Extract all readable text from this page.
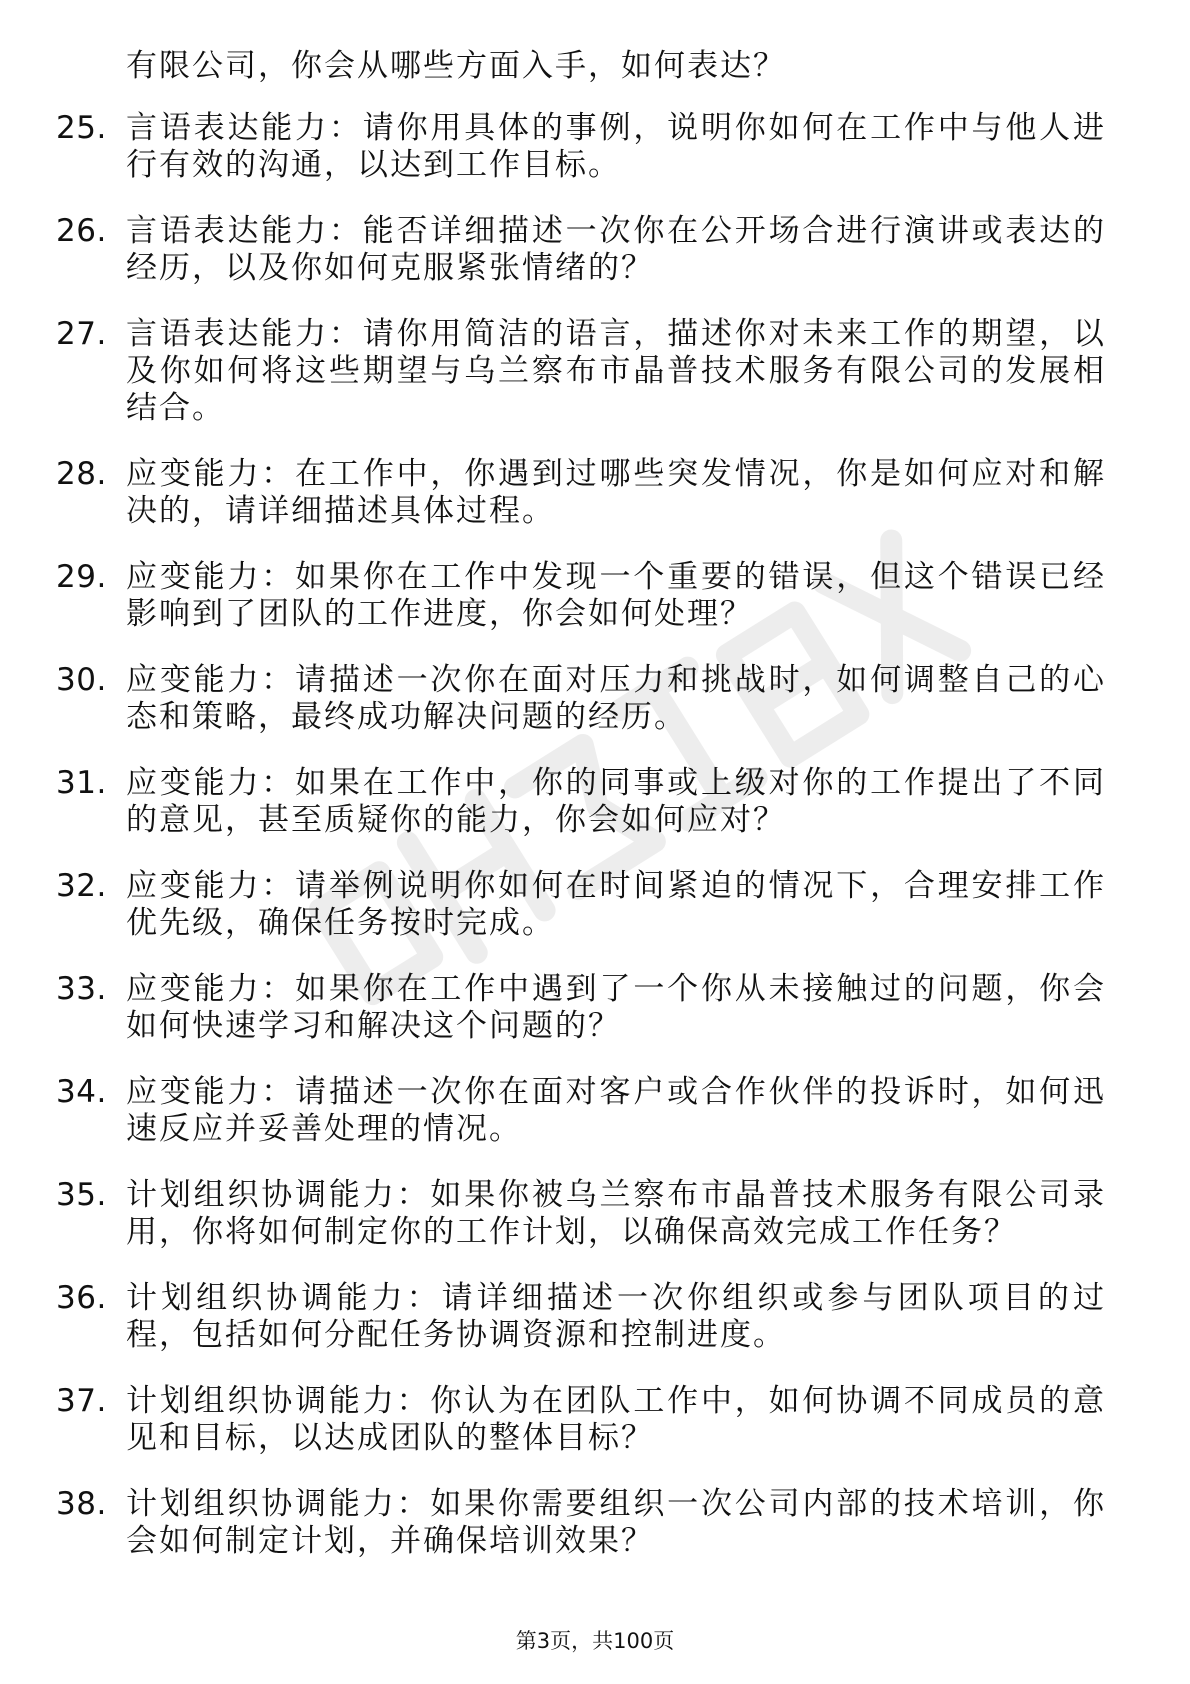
有限公司，你会从哪些方面入手，如何表达？
25. 言语表达能力：请你用具体的事例，说明你如何在工作中与他人进行有效的沟通，以达到工作目标。
26. 言语表达能力：能否详细描述一次你在公开场合进行演讲或表达的经历，以及你如何克服紧张情绪的？
27. 言语表达能力：请你用简洁的语言，描述你对未来工作的期望，以及你如何将这些期望与乌兰察布市晶普技术服务有限公司的发展相结合。
28. 应变能力：在工作中，你遇到过哪些突发情况，你是如何应对和解决的，请详细描述具体过程。
29. 应变能力：如果你在工作中发现一个重要的错误，但这个错误已经影响到了团队的工作进度，你会如何处理？
30. 应变能力：请描述一次你在面对压力和挑战时，如何调整自己的心态和策略，最终成功解决问题的经历。
31. 应变能力：如果在工作中，你的同事或上级对你的工作提出了不同的意见，甚至质疑你的能力，你会如何应对？
32. 应变能力：请举例说明你如何在时间紧迫的情况下，合理安排工作优先级，确保任务按时完成。
33. 应变能力：如果你在工作中遇到了一个你从未接触过的问题，你会如何快速学习和解决这个问题的？
34. 应变能力：请描述一次你在面对客户或合作伙伴的投诉时，如何迅速反应并妥善处理的情况。
35. 计划组织协调能力：如果你被乌兰察布市晶普技术服务有限公司录用，你将如何制定你的工作计划，以确保高效完成工作任务？
36. 计划组织协调能力：请详细描述一次你组织或参与团队项目的过程，包括如何分配任务协调资源和控制进度。
37. 计划组织协调能力：你认为在团队工作中，如何协调不同成员的意见和目标，以达成团队的整体目标？
38. 计划组织协调能力：如果你需要组织一次公司内部的技术培训，你会如何制定计划，并确保培训效果？
第3页，共100页
